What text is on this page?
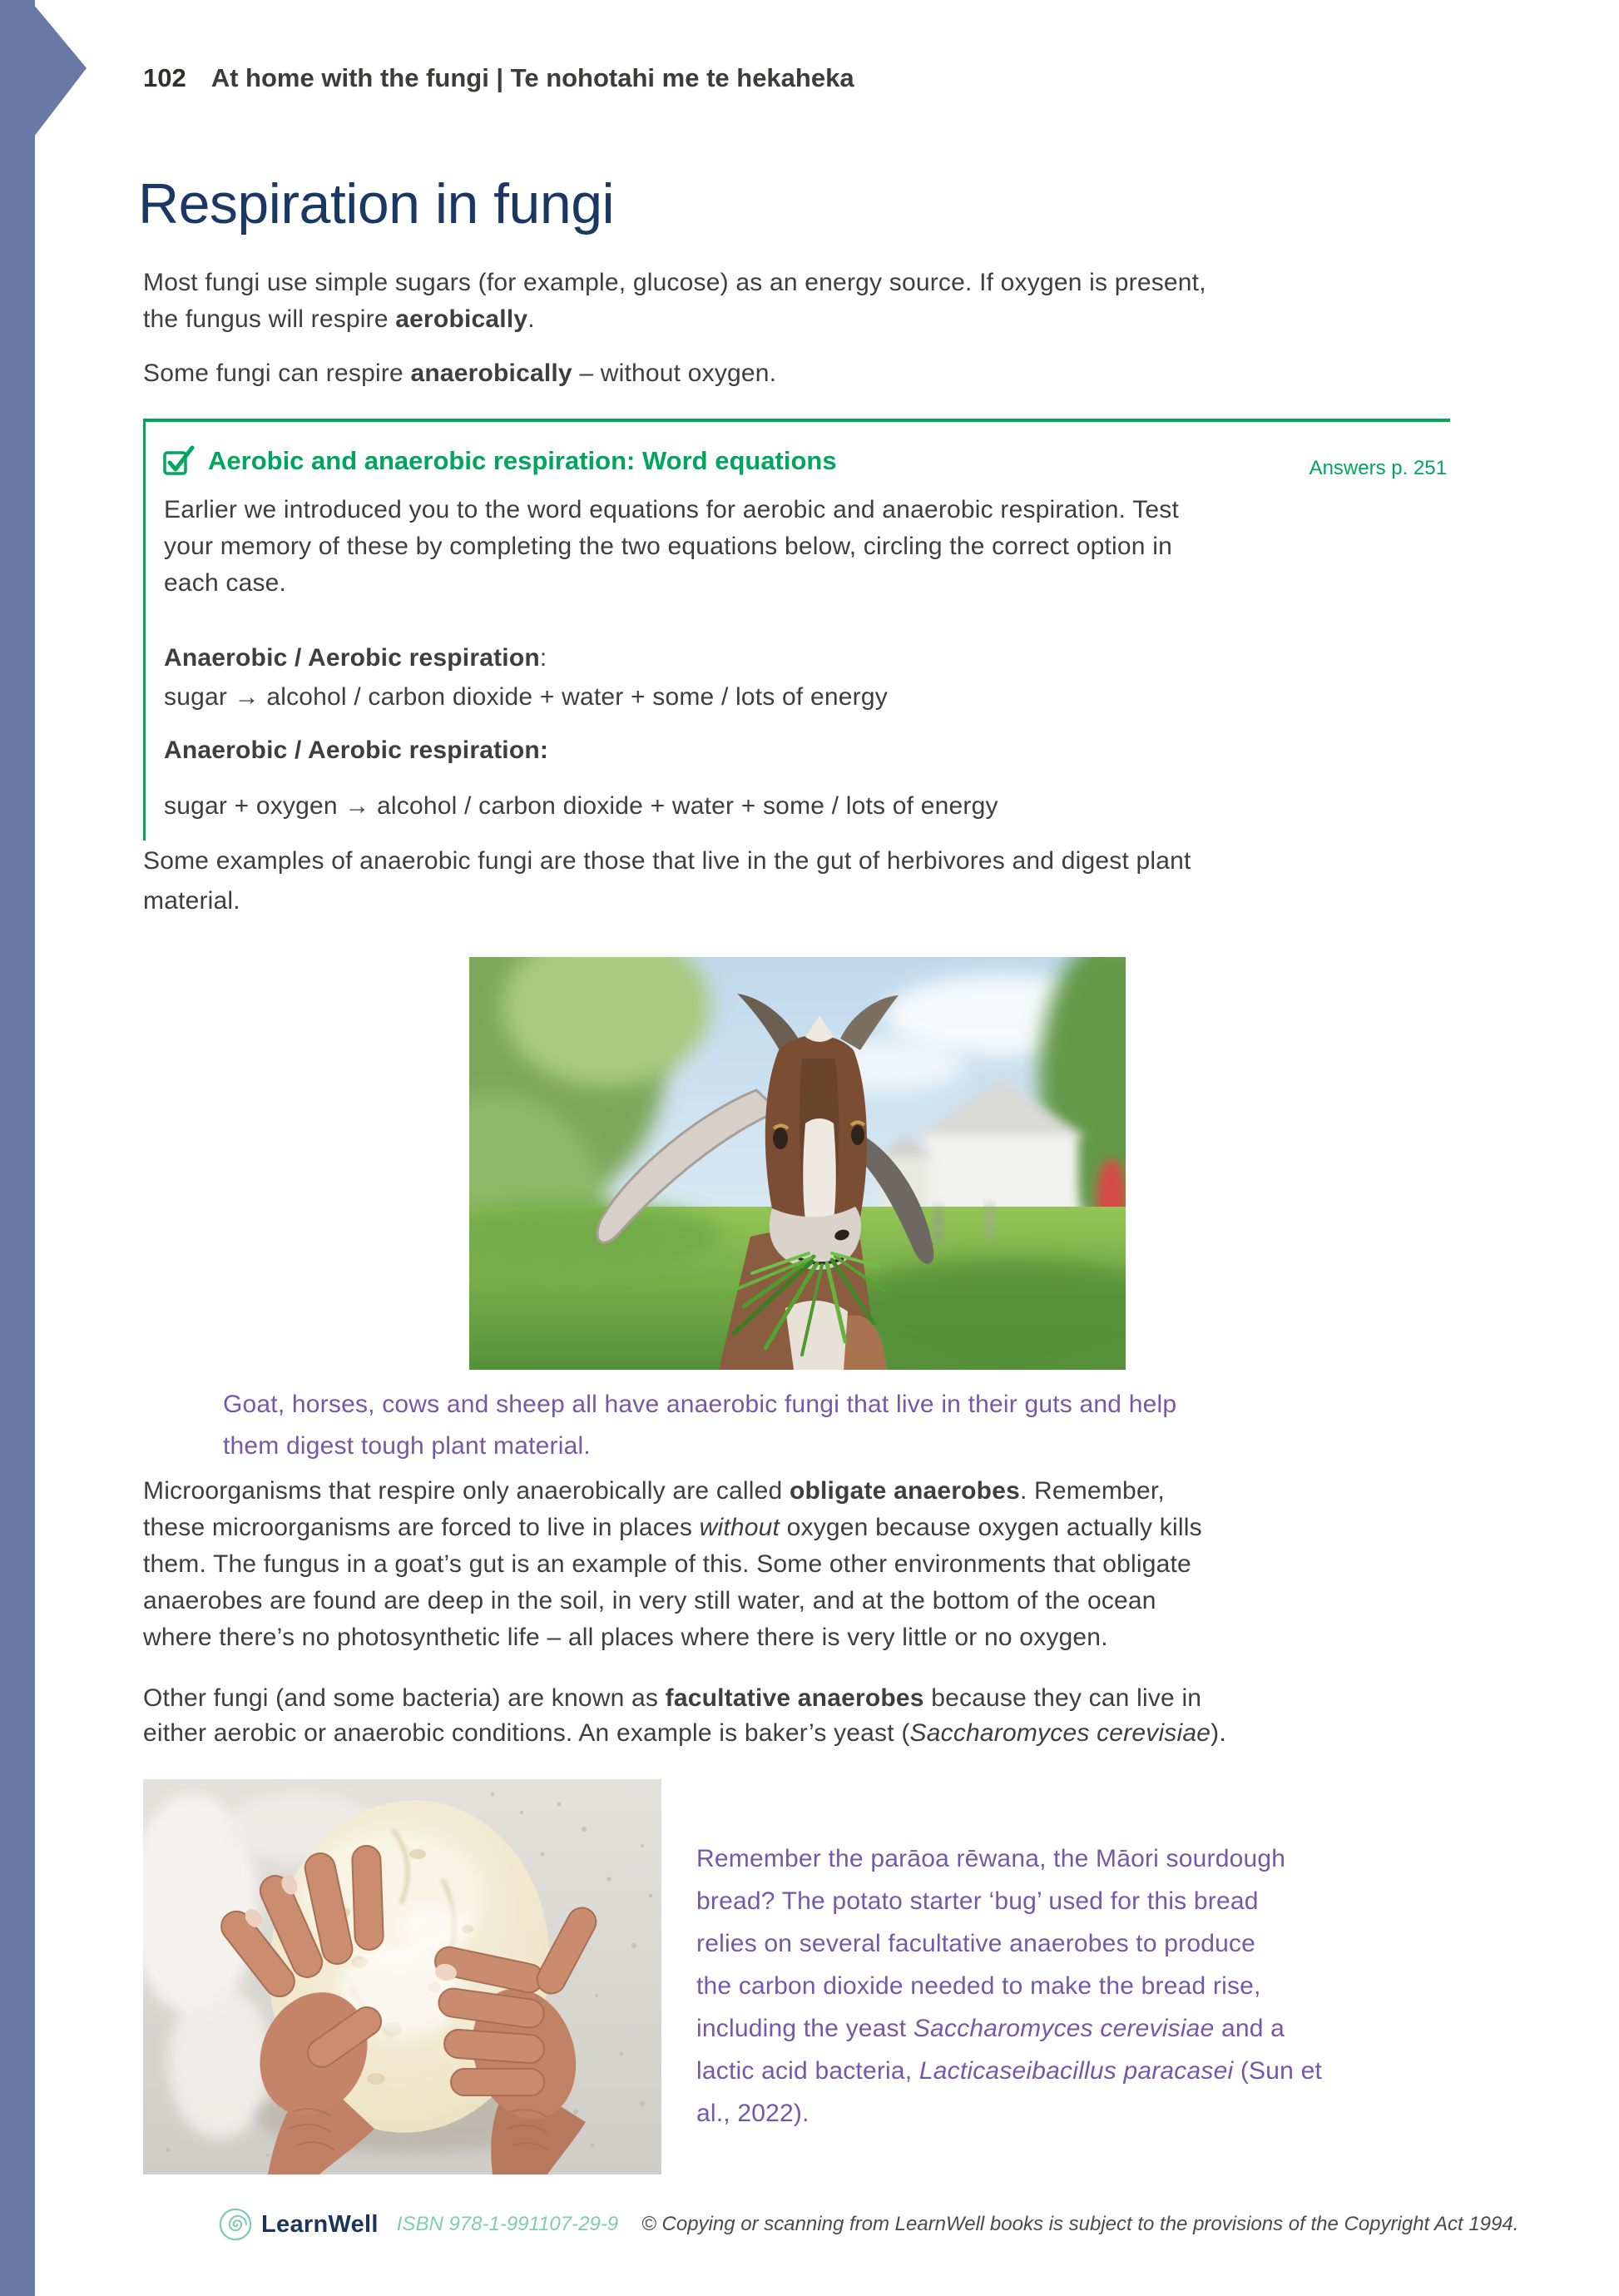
102 At home with the fungi | Te nohotahi me te hekaheka
Respiration in fungi
Most fungi use simple sugars (for example, glucose) as an energy source. If oxygen is present,
the fungus will respire aerobically.
Some fungi can respire anaerobically – without oxygen.
Aerobic and anaerobic respiration: Word equations	Answers p. 251
Earlier we introduced you to the word equations for aerobic and anaerobic respiration. Test
your memory of these by completing the two equations below, circling the correct option in
each case.
Anaerobic / Aerobic respiration:
sugar → alcohol / carbon dioxide + water + some / lots of energy
Anaerobic / Aerobic respiration:
sugar + oxygen → alcohol / carbon dioxide + water + some / lots of energy
Some examples of anaerobic fungi are those that live in the gut of herbivores and digest plant
material.
Goat, horses, cows and sheep all have anaerobic fungi that live in their guts and help
them digest tough plant material.
Microorganisms that respire only anaerobically are called obligate anaerobes. Remember,
these microorganisms are forced to live in places without oxygen because oxygen actually kills
them. The fungus in a goat’s gut is an example of this. Some other environments that obligate
anaerobes are found are deep in the soil, in very still water, and at the bottom of the ocean
where there’s no photosynthetic life – all places where there is very little or no oxygen.
Other fungi (and some bacteria) are known as facultative anaerobes because they can live in
either aerobic or anaerobic conditions. An example is baker’s yeast (Saccharomyces cerevisiae).
Remember the parāoa rēwana, the Māori sourdough
bread? The potato starter ‘bug’ used for this bread
relies on several facultative anaerobes to produce
the carbon dioxide needed to make the bread rise,
including the yeast Saccharomyces cerevisiae and a
lactic acid bacteria, Lacticaseibacillus paracasei (Sun et
al., 2022).
LearnWell ISBN 978-1-991107-29-9 © Copying or scanning from LearnWell books is subject to the provisions of the Copyright Act 1994.
